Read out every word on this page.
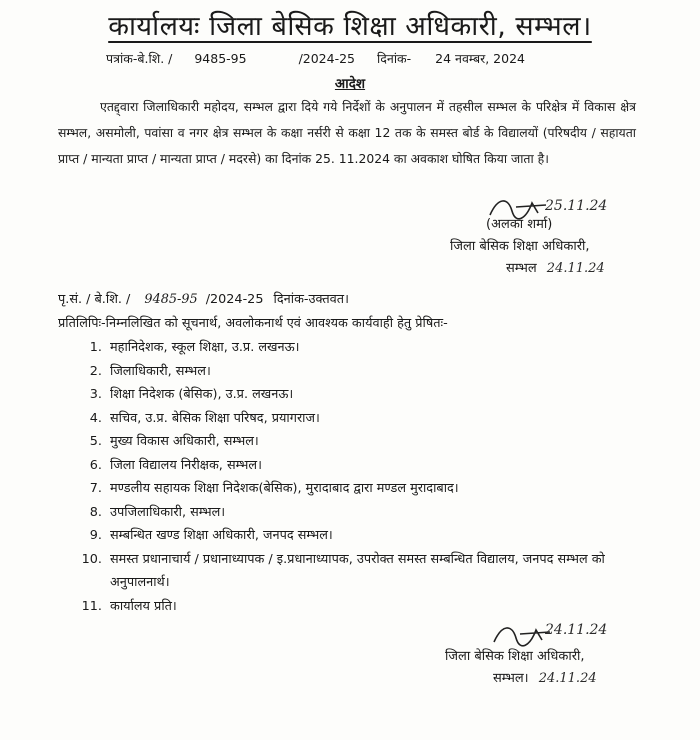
कार्यालयः जिला बेसिक शिक्षा अधिकारी, सम्भल।
पत्रांक-बे.शि. / 9485-95	/2024-25 दिनांक- 24 नवम्बर, 2024
आदेश
एतद्द्वारा जिलाधिकारी महोदय, सम्भल द्वारा दिये गये निर्देशों के अनुपालन में तहसील सम्भल के परिक्षेत्र में विकास क्षेत्र सम्भल, असमोली, पवांसा व नगर क्षेत्र सम्भल के कक्षा नर्सरी से कक्षा 12 तक के समस्त बोर्ड के विद्यालयों (परिषदीय / सहायता प्राप्त / मान्यता प्राप्त / मान्यता प्राप्त / मदरसे) का दिनांक 25. 11.2024 का अवकाश घोषित किया जाता है।
25.11.24
(अलका शर्मा)
जिला बेसिक शिक्षा अधिकारी,
सम्भल 24.11.24
पृ.सं. / बे.शि. / 9485-95 /2024-25 दिनांक-उक्तवत।
प्रतिलिपिः-निम्नलिखित को सूचनार्थ, अवलोकनार्थ एवं आवश्यक कार्यवाही हेतु प्रेषितः-
1. महानिदेशक, स्कूल शिक्षा, उ.प्र. लखनऊ।
2. जिलाधिकारी, सम्भल।
3. शिक्षा निदेशक (बेसिक), उ.प्र. लखनऊ।
4. सचिव, उ.प्र. बेसिक शिक्षा परिषद, प्रयागराज।
5. मुख्य विकास अधिकारी, सम्भल।
6. जिला विद्यालय निरीक्षक, सम्भल।
7. मण्डलीय सहायक शिक्षा निदेशक(बेसिक), मुरादाबाद द्वारा मण्डल मुरादाबाद।
8. उपजिलाधिकारी, सम्भल।
9. सम्बन्धित खण्ड शिक्षा अधिकारी, जनपद सम्भल।
10. समस्त प्रधानाचार्य / प्रधानाध्यापक / इ.प्रधानाध्यापक, उपरोक्त समस्त सम्बन्धित विद्यालय, जनपद सम्भल को अनुपालनार्थ।
11. कार्यालय प्रति।
24.11.24
जिला बेसिक शिक्षा अधिकारी,
सम्भल। 24.11.24
